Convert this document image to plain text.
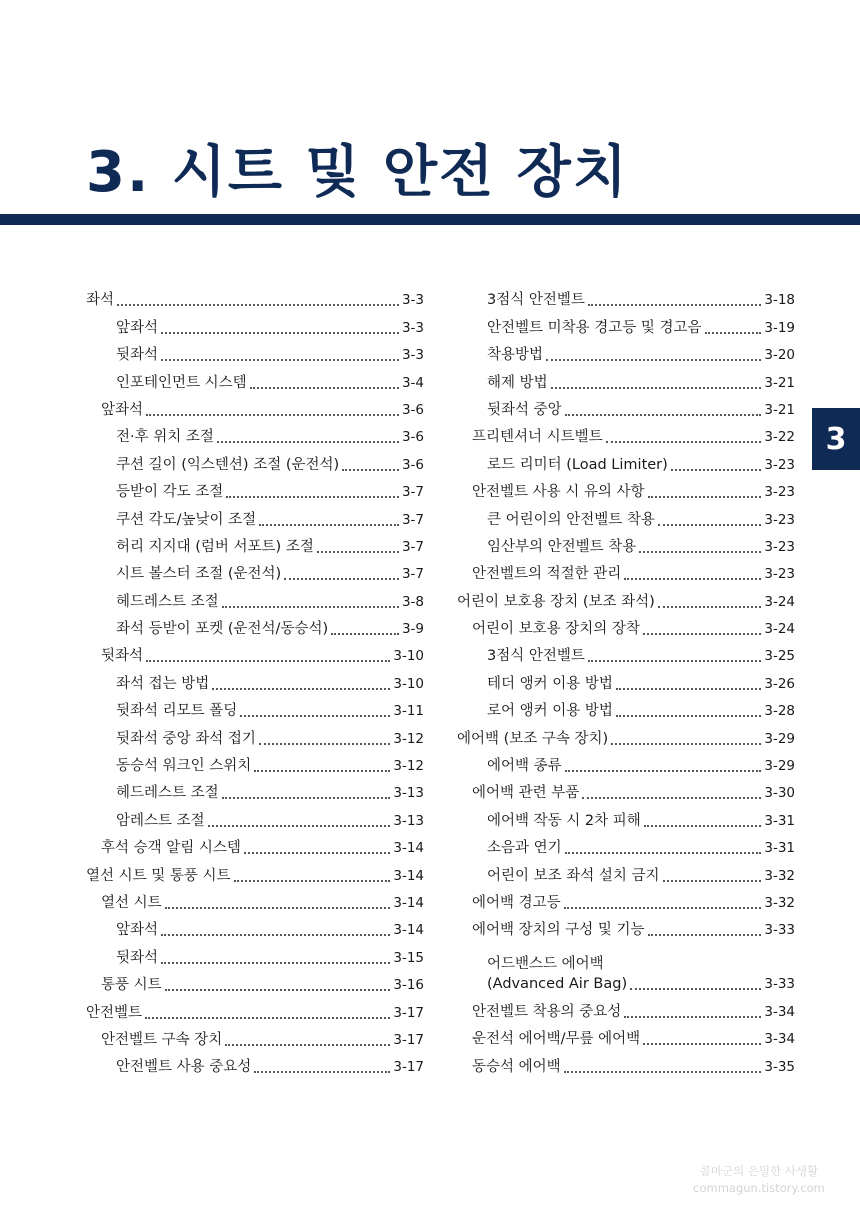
3. 시트 및 안전 장치
3
좌석	3-3
앞좌석	3-3
뒷좌석	3-3
인포테인먼트 시스템	3-4
앞좌석	3-6
전·후 위치 조절	3-6
쿠션 길이 (익스텐션) 조절 (운전석)	3-6
등받이 각도 조절	3-7
쿠션 각도/높낮이 조절	3-7
허리 지지대 (럼버 서포트) 조절	3-7
시트 볼스터 조절 (운전석)	3-7
헤드레스트 조절	3-8
좌석 등받이 포켓 (운전석/동승석)	3-9
뒷좌석	3-10
좌석 접는 방법	3-10
뒷좌석 리모트 폴딩	3-11
뒷좌석 중앙 좌석 접기	3-12
동승석 워크인 스위치	3-12
헤드레스트 조절	3-13
암레스트 조절	3-13
후석 승객 알림 시스템	3-14
열선 시트 및 통풍 시트	3-14
열선 시트	3-14
앞좌석	3-14
뒷좌석	3-15
통풍 시트	3-16
안전벨트	3-17
안전벨트 구속 장치	3-17
안전벨트 사용 중요성	3-17
3점식 안전벨트	3-18
안전벨트 미착용 경고등 및 경고음	3-19
착용방법	3-20
해제 방법	3-21
뒷좌석 중앙	3-21
프리텐셔너 시트벨트	3-22
로드 리미터 (Load Limiter)	3-23
안전벨트 사용 시 유의 사항	3-23
큰 어린이의 안전벨트 착용	3-23
임산부의 안전벨트 착용	3-23
안전벨트의 적절한 관리	3-23
어린이 보호용 장치 (보조 좌석)	3-24
어린이 보호용 장치의 장착	3-24
3점식 안전벨트	3-25
테더 앵커 이용 방법	3-26
로어 앵커 이용 방법	3-28
에어백 (보조 구속 장치)	3-29
에어백 종류	3-29
에어백 관련 부품	3-30
에어백 작동 시 2차 피해	3-31
소음과 연기	3-31
어린이 보조 좌석 설치 금지	3-32
에어백 경고등	3-32
에어백 장치의 구성 및 기능	3-33
어드밴스드 에어백
(Advanced Air Bag)	3-33
안전벨트 착용의 중요성	3-34
운전석 에어백/무릎 에어백	3-34
동승석 에어백	3-35
콤마군의 은밀한 사생활
commagun.tistory.com
